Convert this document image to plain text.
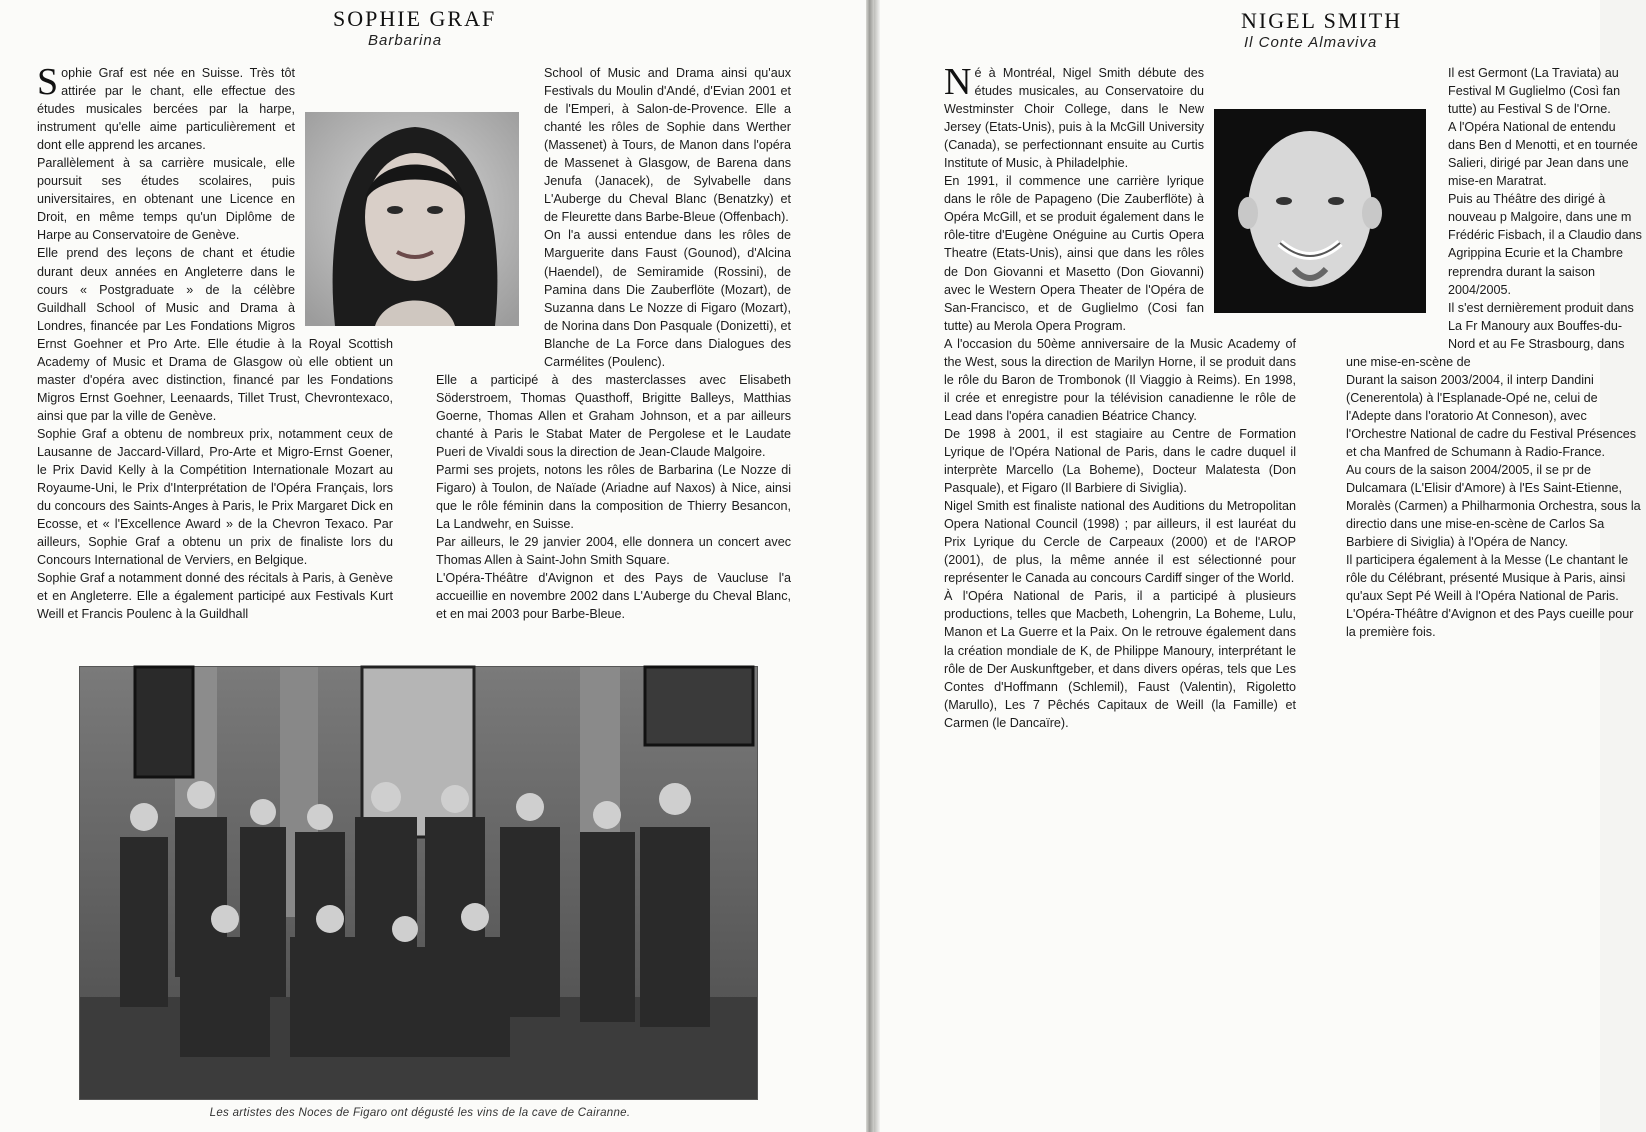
SOPHIE GRAF
Barbarina

Sophie Graf est née en Suisse. Très tôt attirée par le chant, elle effectue des études musicales bercées par la harpe, instrument qu'elle aime particulièrement et dont elle apprend les arcanes.

Parallèlement à sa carrière musicale, elle poursuit ses études scolaires, puis universitaires, en obtenant une Licence en Droit, en même temps qu'un Diplôme de Harpe au Conservatoire de Genève.

Elle prend des leçons de chant et étudie durant deux années en Angleterre dans le cours « Postgraduate » de la célèbre Guildhall School of Music and Drama à Londres, financée par Les Fondations Migros Ernst Goehner et Pro Arte. Elle étudie à la Royal Scottish Academy of Music et Drama de Glasgow où elle obtient un master d'opéra avec distinction, financé par les Fondations Migros Ernst Goehner, Leenaards, Tillet Trust, Chevrontexaco, ainsi que par la ville de Genève.

Sophie Graf a obtenu de nombreux prix, notamment ceux de Lausanne de Jaccard-Villard, Pro-Arte et Migro-Ernst Goener, le Prix David Kelly à la Compétition Internationale Mozart au Royaume-Uni, le Prix d'Interprétation de l'Opéra Français, lors du concours des Saints-Anges à Paris, le Prix Margaret Dick en Ecosse, et « l'Excellence Award » de la Chevron Texaco. Par ailleurs, Sophie Graf a obtenu un prix de finaliste lors du Concours International de Verviers, en Belgique.

Sophie Graf a notamment donné des récitals à Paris, à Genève et en Angleterre. Elle a également participé aux Festivals Kurt Weill et Francis Poulenc à la Guildhall

School of Music and Drama ainsi qu'aux Festivals du Moulin d'Andé, d'Evian 2001 et de l'Emperi, à Salon-de-Provence. Elle a chanté les rôles de Sophie dans Werther (Massenet) à Tours, de Manon dans l'opéra de Massenet à Glasgow, de Barena dans Jenufa (Janacek), de Sylvabelle dans L'Auberge du Cheval Blanc (Benatzky) et de Fleurette dans Barbe-Bleue (Offenbach).

On l'a aussi entendue dans les rôles de Marguerite dans Faust (Gounod), d'Alcina (Haendel), de Semiramide (Rossini), de Pamina dans Die Zauberflöte (Mozart), de Suzanna dans Le Nozze di Figaro (Mozart), de Norina dans Don Pasquale (Donizetti), et Blanche de La Force dans Dialogues des Carmélites (Poulenc).

Elle a participé à des masterclasses avec Elisabeth Söderstroem, Thomas Quasthoff, Brigitte Balleys, Matthias Goerne, Thomas Allen et Graham Johnson, et a par ailleurs chanté à Paris le Stabat Mater de Pergolese et le Laudate Pueri de Vivaldi sous la direction de Jean-Claude Malgoire.

Parmi ses projets, notons les rôles de Barbarina (Le Nozze di Figaro) à Toulon, de Naïade (Ariadne auf Naxos) à Nice, ainsi que le rôle féminin dans la composition de Thierry Besancon, La Landwehr, en Suisse.

Par ailleurs, le 29 janvier 2004, elle donnera un concert avec Thomas Allen à Saint-John Smith Square.

L'Opéra-Théâtre d'Avignon et des Pays de Vaucluse l'a accueillie en novembre 2002 dans L'Auberge du Cheval Blanc, et en mai 2003 pour Barbe-Bleue.

Les artistes des Noces de Figaro ont dégusté les vins de la cave de Cairanne.
NIGEL SMITH
Il Conte Almaviva

Né à Montréal, Nigel Smith débute des études musicales, au Conservatoire du Westminster Choir College, dans le New Jersey (Etats-Unis), puis à la McGill University (Canada), se perfectionnant ensuite au Curtis Institute of Music, à Philadelphie.

En 1991, il commence une carrière lyrique dans le rôle de Papageno (Die Zauberflöte) à Opéra McGill, et se produit également dans le rôle-titre d'Eugène Onéguine au Curtis Opera Theatre (Etats-Unis), ainsi que dans les rôles de Don Giovanni et Masetto (Don Giovanni) avec le Western Opera Theater de l'Opéra de San-Francisco, et de Guglielmo (Cosi fan tutte) au Merola Opera Program.

A l'occasion du 50ème anniversaire de la Music Academy of the West, sous la direction de Marilyn Horne, il se produit dans le rôle du Baron de Trombonok (Il Viaggio à Reims). En 1998, il crée et enregistre pour la télévision canadienne le rôle de Lead dans l'opéra canadien Béatrice Chancy.

De 1998 à 2001, il est stagiaire au Centre de Formation Lyrique de l'Opéra National de Paris, dans le cadre duquel il interprète Marcello (La Boheme), Docteur Malatesta (Don Pasquale), et Figaro (Il Barbiere di Siviglia).

Nigel Smith est finaliste national des Auditions du Metropolitan Opera National Council (1998) ; par ailleurs, il est lauréat du Prix Lyrique du Cercle de Carpeaux (2000) et de l'AROP (2001), de plus, la même année il est sélectionné pour représenter le Canada au concours Cardiff singer of the World.

À l'Opéra National de Paris, il a participé à plusieurs productions, telles que Macbeth, Lohengrin, La Boheme, Lulu, Manon et La Guerre et la Paix. On le retrouve également dans la création mondiale de K, de Philippe Manoury, interprétant le rôle de Der Auskunftgeber, et dans divers opéras, tels que Les Contes d'Hoffmann (Schlemil), Faust (Valentin), Rigoletto (Marullo), Les 7 Pêchés Capitaux de Weill (la Famille) et Carmen (le Dancaïre).

Il est Germont (La Traviata) au Festival M Guglielmo (Così fan tutte) au Festival S de l'Orne.

A l'Opéra National de entendu dans Ben d Menotti, et en tournée Salieri, dirigé par Jean dans une mise-en Maratrat.

Puis au Théâtre des dirigé à nouveau p Malgoire, dans une m Frédéric Fisbach, il a Claudio dans Agrippina Ecurie et la Chambre reprendra durant la saison 2004/2005.

Il s'est dernièrement produit dans La Fr Manoury aux Bouffes-du-Nord et au Fe Strasbourg, dans une mise-en-scène de

Durant la saison 2003/2004, il interp Dandini (Cenerentola) à l'Esplanade-Opé ne, celui de l'Adepte dans l'oratorio At Conneson), avec l'Orchestre National de cadre du Festival Présences et cha Manfred de Schumann à Radio-France.

Au cours de la saison 2004/2005, il se pr de Dulcamara (L'Elisir d'Amore) à l'Es Saint-Etienne, Moralès (Carmen) a Philharmonia Orchestra, sous la directio dans une mise-en-scène de Carlos Sa Barbiere di Siviglia) à l'Opéra de Nancy.

Il participera également à la Messe (Le chantant le rôle du Célébrant, présenté Musique à Paris, ainsi qu'aux Sept Pé Weill à l'Opéra National de Paris.

L'Opéra-Théâtre d'Avignon et des Pays cueille pour la première fois.
